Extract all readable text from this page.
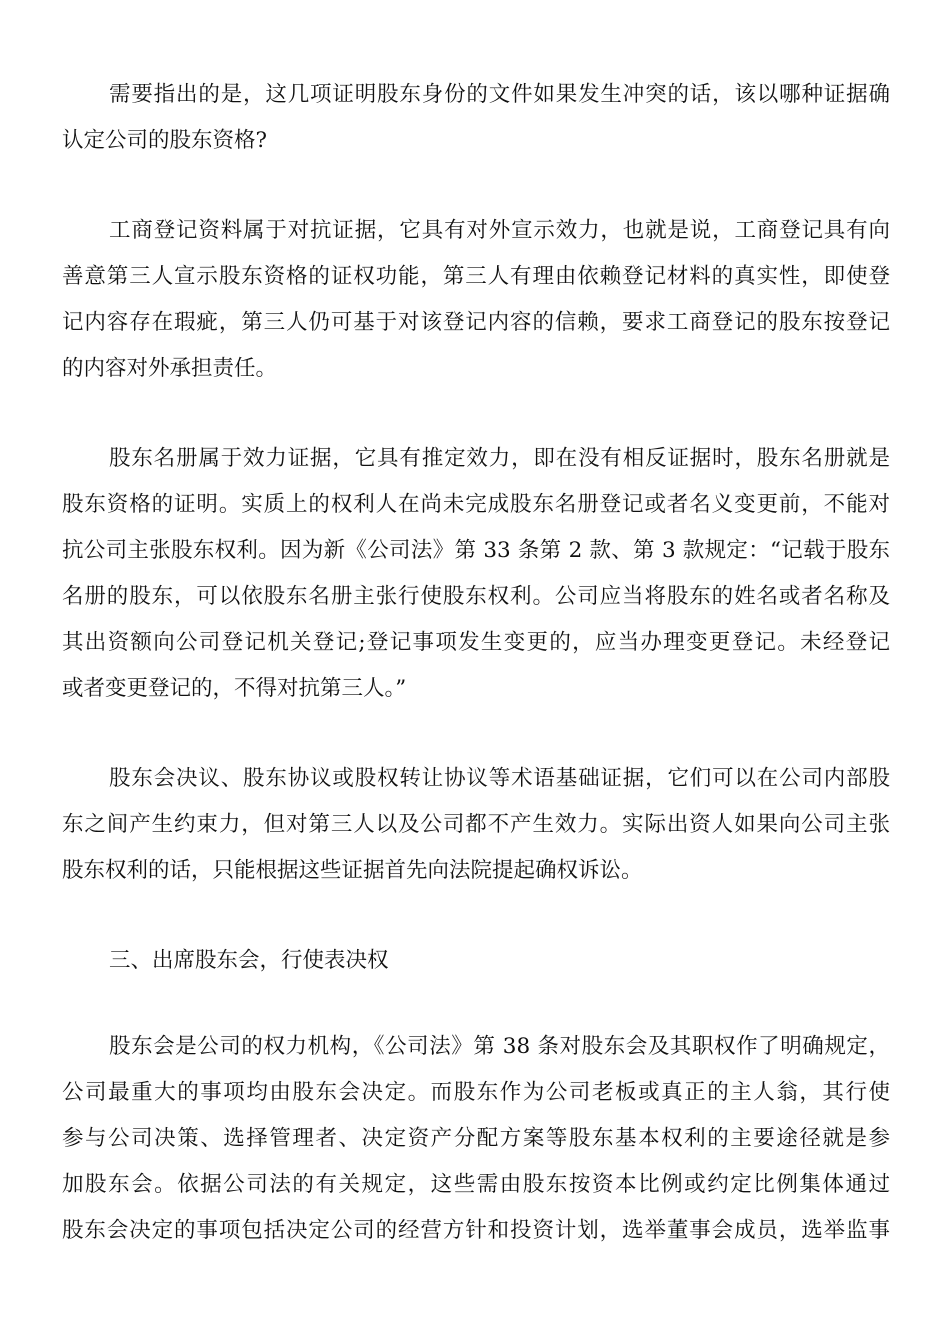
需要指出的是，这几项证明股东身份的文件如果发生冲突的话，该以哪种证据确
认定公司的股东资格?
工商登记资料属于对抗证据，它具有对外宣示效力，也就是说，工商登记具有向
善意第三人宣示股东资格的证权功能，第三人有理由依赖登记材料的真实性，即使登
记内容存在瑕疵，第三人仍可基于对该登记内容的信赖，要求工商登记的股东按登记
的内容对外承担责任。
股东名册属于效力证据，它具有推定效力，即在没有相反证据时，股东名册就是
股东资格的证明。实质上的权利人在尚未完成股东名册登记或者名义变更前，不能对
抗公司主张股东权利。因为新《公司法》第 33 条第 2 款、第 3 款规定：“记载于股东
名册的股东，可以依股东名册主张行使股东权利。公司应当将股东的姓名或者名称及
其出资额向公司登记机关登记;登记事项发生变更的，应当办理变更登记。未经登记
或者变更登记的，不得对抗第三人。”
股东会决议、股东协议或股权转让协议等术语基础证据，它们可以在公司内部股
东之间产生约束力，但对第三人以及公司都不产生效力。实际出资人如果向公司主张
股东权利的话，只能根据这些证据首先向法院提起确权诉讼。
三、出席股东会，行使表决权
股东会是公司的权力机构，《公司法》第 38 条对股东会及其职权作了明确规定，
公司最重大的事项均由股东会决定。而股东作为公司老板或真正的主人翁，其行使
参与公司决策、选择管理者、决定资产分配方案等股东基本权利的主要途径就是参
加股东会。依据公司法的有关规定，这些需由股东按资本比例或约定比例集体通过
股东会决定的事项包括决定公司的经营方针和投资计划，选举董事会成员，选举监事
